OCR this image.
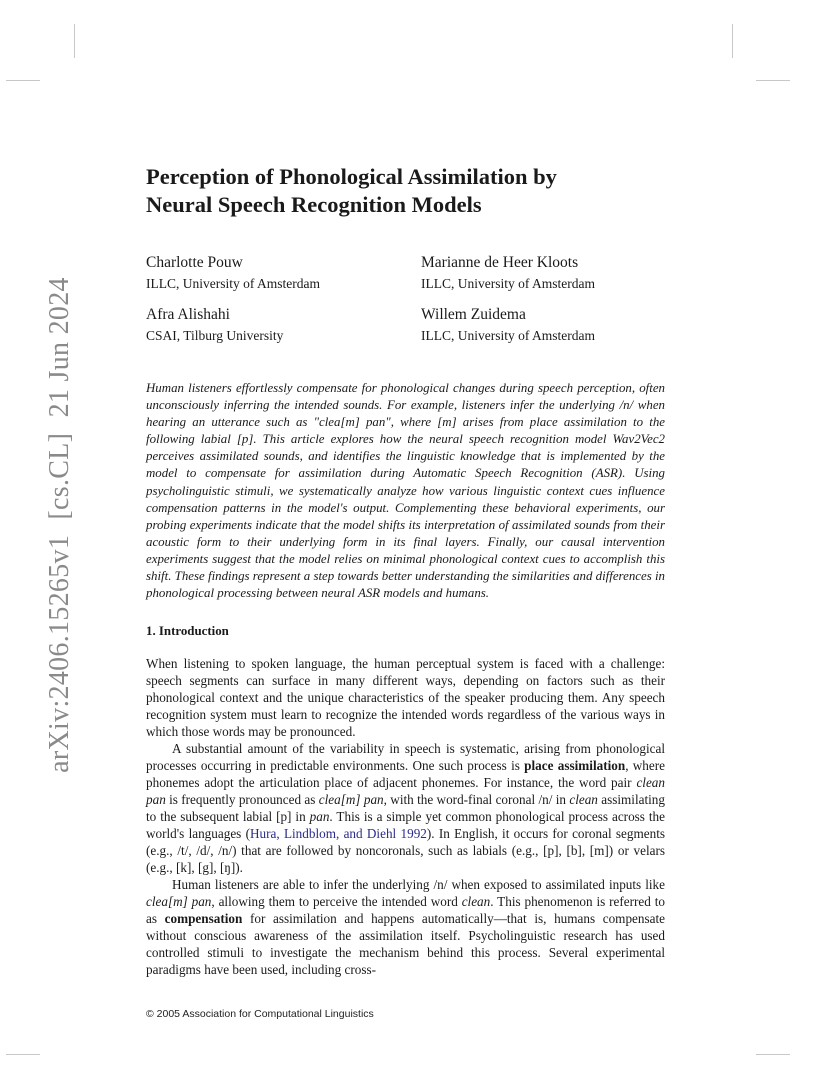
arXiv:2406.15265v1 [cs.CL] 21 Jun 2024
Perception of Phonological Assimilation by
Neural Speech Recognition Models
Charlotte Pouw
ILLC, University of Amsterdam
Marianne de Heer Kloots
ILLC, University of Amsterdam
Afra Alishahi
CSAI, Tilburg University
Willem Zuidema
ILLC, University of Amsterdam

Human listeners effortlessly compensate for phonological changes during speech perception, often unconsciously inferring the intended sounds. For example, listeners infer the underlying /n/ when hearing an utterance such as "clea[m] pan", where [m] arises from place assimilation to the following labial [p]. This article explores how the neural speech recognition model Wav2Vec2 perceives assimilated sounds, and identifies the linguistic knowledge that is implemented by the model to compensate for assimilation during Automatic Speech Recognition (ASR). Using psycholinguistic stimuli, we systematically analyze how various linguistic context cues influence compensation patterns in the model's output. Complementing these behavioral experiments, our probing experiments indicate that the model shifts its interpretation of assimilated sounds from their acoustic form to their underlying form in its final layers. Finally, our causal intervention experiments suggest that the model relies on minimal phonological context cues to accomplish this shift. These findings represent a step towards better understanding the similarities and differences in phonological processing between neural ASR models and humans.

1. Introduction

When listening to spoken language, the human perceptual system is faced with a challenge: speech segments can surface in many different ways, depending on factors such as their phonological context and the unique characteristics of the speaker producing them. Any speech recognition system must learn to recognize the intended words regardless of the various ways in which those words may be pronounced.

A substantial amount of the variability in speech is systematic, arising from phonological processes occurring in predictable environments. One such process is place assimilation, where phonemes adopt the articulation place of adjacent phonemes. For instance, the word pair clean pan is frequently pronounced as clea[m] pan, with the word-final coronal /n/ in clean assimilating to the subsequent labial [p] in pan. This is a simple yet common phonological process across the world's languages (Hura, Lindblom, and Diehl 1992). In English, it occurs for coronal segments (e.g., /t/, /d/, /n/) that are followed by noncoronals, such as labials (e.g., [p], [b], [m]) or velars (e.g., [k], [g], [ŋ]).

Human listeners are able to infer the underlying /n/ when exposed to assimilated inputs like clea[m] pan, allowing them to perceive the intended word clean. This phenomenon is referred to as compensation for assimilation and happens automatically—that is, humans compensate without conscious awareness of the assimilation itself. Psycholinguistic research has used controlled stimuli to investigate the mechanism behind this process. Several experimental paradigms have been used, including cross-

© 2005 Association for Computational Linguistics
